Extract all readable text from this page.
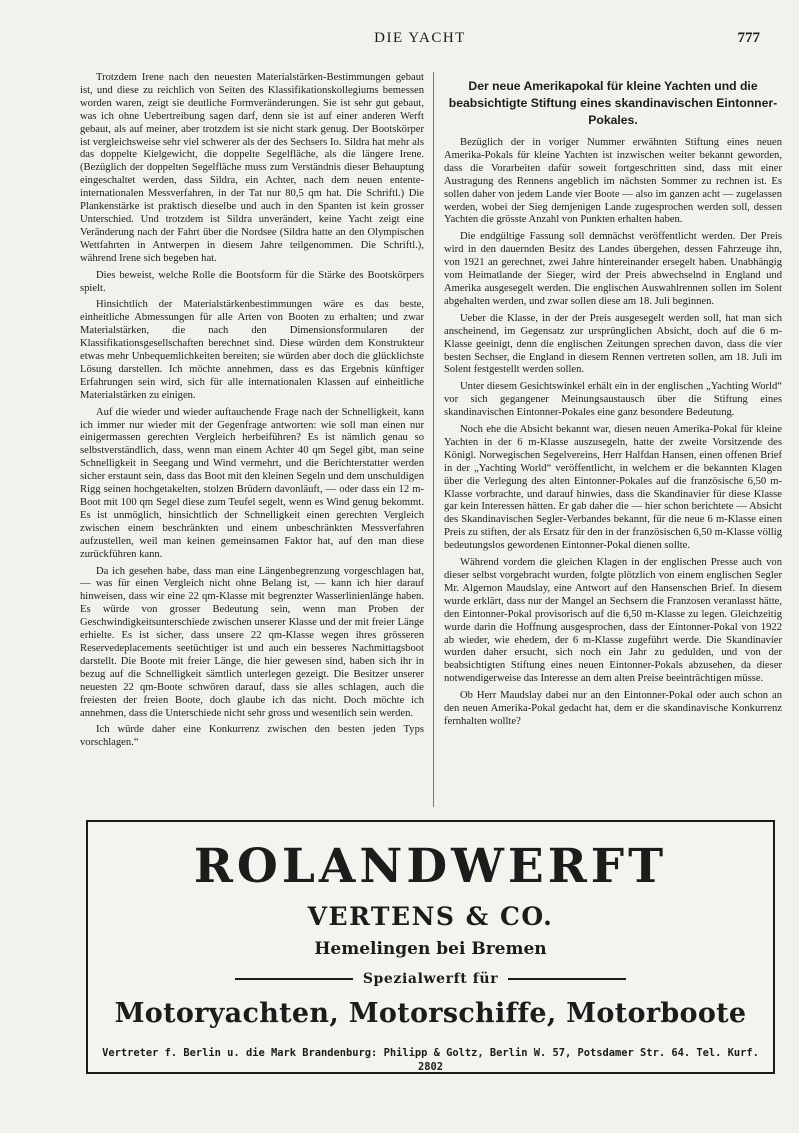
DIE YACHT	777

Trotzdem Irene nach den neuesten Materialstärken-Bestimmungen gebaut ist, und diese zu reichlich von Seiten des Klassifikationskollegiums bemessen worden waren, zeigt sie deutliche Formveränderungen. Sie ist sehr gut gebaut, was ich ohne Uebertreibung sagen darf, denn sie ist auf einer anderen Werft gebaut, als auf meiner, aber trotzdem ist sie nicht stark genug. Der Bootskörper ist vergleichsweise sehr viel schwerer als der des Sechsers Io. Sildra hat mehr als das doppelte Kielgewicht, die doppelte Segelfläche, als die längere Irene. (Bezüglich der doppelten Segelfläche muss zum Verständnis dieser Behauptung eingeschaltet werden, dass Sildra, ein Achter, nach dem neuen entente-internationalen Messverfahren, in der Tat nur 80,5 qm hat. Die Schriftl.) Die Plankenstärke ist praktisch dieselbe und auch in den Spanten ist kein grosser Unterschied. Und trotzdem ist Sildra unverändert, keine Yacht zeigt eine Veränderung nach der Fahrt über die Nordsee (Sildra hatte an den Olympischen Wettfahrten in Antwerpen in diesem Jahre teilgenommen. Die Schriftl.), während Irene sich begeben hat.

Dies beweist, welche Rolle die Bootsform für die Stärke des Bootskörpers spielt.

Hinsichtlich der Materialstärkenbestimmungen wäre es das beste, einheitliche Abmessungen für alle Arten von Booten zu erhalten; und zwar Materialstärken, die nach den Dimensionsformularen der Klassifikationsgesellschaften berechnet sind. Diese würden dem Konstrukteur etwas mehr Unbequemlichkeiten bereiten; sie würden aber doch die glücklichste Lösung darstellen. Ich möchte annehmen, dass es das Ergebnis künftiger Erfahrungen sein wird, sich für alle internationalen Klassen auf einheitliche Materialstärken zu einigen.

Auf die wieder und wieder auftauchende Frage nach der Schnelligkeit, kann ich immer nur wieder mit der Gegenfrage antworten: wie soll man einen nur einigermassen gerechten Vergleich herbeiführen? Es ist nämlich genau so selbstverständlich, dass, wenn man einem Achter 40 qm Segel gibt, man seine Schnelligkeit in Seegang und Wind vermehrt, und die Berichterstatter werden sicher erstaunt sein, dass das Boot mit den kleinen Segeln und dem unschuldigen Rigg seinen hochgetakelten, stolzen Brüdern davonläuft, — oder dass ein 12 m-Boot mit 100 qm Segel diese zum Teufel segelt, wenn es Wind genug bekommt. Es ist unmöglich, hinsichtlich der Schnelligkeit einen gerechten Vergleich zwischen einem beschränkten und einem unbeschränkten Messverfahren aufzustellen, weil man keinen gemeinsamen Faktor hat, auf den man diese zurückführen kann.

Da ich gesehen habe, dass man eine Längenbegrenzung vorgeschlagen hat, — was für einen Vergleich nicht ohne Belang ist, — kann ich hier darauf hinweisen, dass wir eine 22 qm-Klasse mit begrenzter Wasserlinienlänge haben. Es würde von grosser Bedeutung sein, wenn man Proben der Geschwindigkeitsunterschiede zwischen unserer Klasse und der mit freier Länge erhielte. Es ist sicher, dass unsere 22 qm-Klasse wegen ihres grösseren Reservedeplacements seetüchtiger ist und auch ein besseres Nachmittagsboot darstellt. Die Boote mit freier Länge, die hier gewesen sind, haben sich ihr in bezug auf die Schnelligkeit sämtlich unterlegen gezeigt. Die Besitzer unserer neuesten 22 qm-Boote schwören darauf, dass sie alles schlagen, auch die freiesten der freien Boote, doch glaube ich das nicht. Doch möchte ich annehmen, dass die Unterschiede nicht sehr gross und wesentlich sein werden.

Ich würde daher eine Konkurrenz zwischen den besten jeden Typs vorschlagen.“

Der neue Amerikapokal für kleine Yachten und die beabsichtigte Stiftung eines skandinavischen Eintonner-Pokales.

Bezüglich der in voriger Nummer erwähnten Stiftung eines neuen Amerika-Pokals für kleine Yachten ist inzwischen weiter bekannt geworden, dass die Vorarbeiten dafür soweit fortgeschritten sind, dass mit einer Austragung des Rennens angeblich im nächsten Sommer zu rechnen ist. Es sollen daher von jedem Lande vier Boote — also im ganzen acht — zugelassen werden, wobei der Sieg demjenigen Lande zugesprochen werden soll, dessen Yachten die grösste Anzahl von Punkten erhalten haben.

Die endgültige Fassung soll demnächst veröffentlicht werden. Der Preis wird in den dauernden Besitz des Landes übergehen, dessen Fahrzeuge ihn, von 1921 an gerechnet, zwei Jahre hintereinander ersegelt haben. Unabhängig vom Heimatlande der Sieger, wird der Preis abwechselnd in England und Amerika ausgesegelt werden. Die englischen Auswahlrennen sollen im Solent abgehalten werden, und zwar sollen diese am 18. Juli beginnen.

Ueber die Klasse, in der der Preis ausgesegelt werden soll, hat man sich anscheinend, im Gegensatz zur ursprünglichen Absicht, doch auf die 6 m-Klasse geeinigt, denn die englischen Zeitungen sprechen davon, dass die vier besten Sechser, die England in diesem Rennen vertreten sollen, am 18. Juli im Solent festgestellt werden sollen.

Unter diesem Gesichtswinkel erhält ein in der englischen „Yachting World“ vor sich gegangener Meinungsaustausch über die Stiftung eines skandinavischen Eintonner-Pokales eine ganz besondere Bedeutung.

Noch ehe die Absicht bekannt war, diesen neuen Amerika-Pokal für kleine Yachten in der 6 m-Klasse auszusegeln, hatte der zweite Vorsitzende des Königl. Norwegischen Segelvereins, Herr Halfdan Hansen, einen offenen Brief in der „Yachting World“ veröffentlicht, in welchem er die bekannten Klagen über die Verlegung des alten Eintonner-Pokales auf die französische 6,50 m-Klasse vorbrachte, und darauf hinwies, dass die Skandinavier für diese Klasse gar kein Interessen hätten. Er gab daher die — hier schon berichtete — Absicht des Skandinavischen Segler-Verbandes bekannt, für die neue 6 m-Klasse einen Preis zu stiften, der als Ersatz für den in der französischen 6,50 m-Klasse völlig bedeutungslos gewordenen Eintonner-Pokal dienen sollte.

Während vordem die gleichen Klagen in der englischen Presse auch von dieser selbst vorgebracht wurden, folgte plötzlich von einem englischen Segler Mr. Algernon Maudslay, eine Antwort auf den Hansenschen Brief. In diesem wurde erklärt, dass nur der Mangel an Sechsern die Franzosen veranlasst hätte, den Eintonner-Pokal provisorisch auf die 6,50 m-Klasse zu legen. Gleichzeitig wurde darin die Hoffnung ausgesprochen, dass der Eintonner-Pokal von 1922 ab wieder, wie ehedem, der 6 m-Klasse zugeführt werde. Die Skandinavier wurden daher ersucht, sich noch ein Jahr zu gedulden, und von der beabsichtigten Stiftung eines neuen Eintonner-Pokals abzusehen, da dieser notwendigerweise das Interesse an dem alten Preise beeinträchtigen müsse.

Ob Herr Maudslay dabei nur an den Eintonner-Pokal oder auch schon an den neuen Amerika-Pokal gedacht hat, dem er die skandinavische Konkurrenz fernhalten wollte?

ROLANDWERFT
VERTENS & CO.
Hemelingen bei Bremen
Spezialwerft für
Motoryachten, Motorschiffe, Motorboote
Vertreter f. Berlin u. die Mark Brandenburg: Philipp & Goltz, Berlin W. 57, Potsdamer Str. 64. Tel. Kurf. 2802
